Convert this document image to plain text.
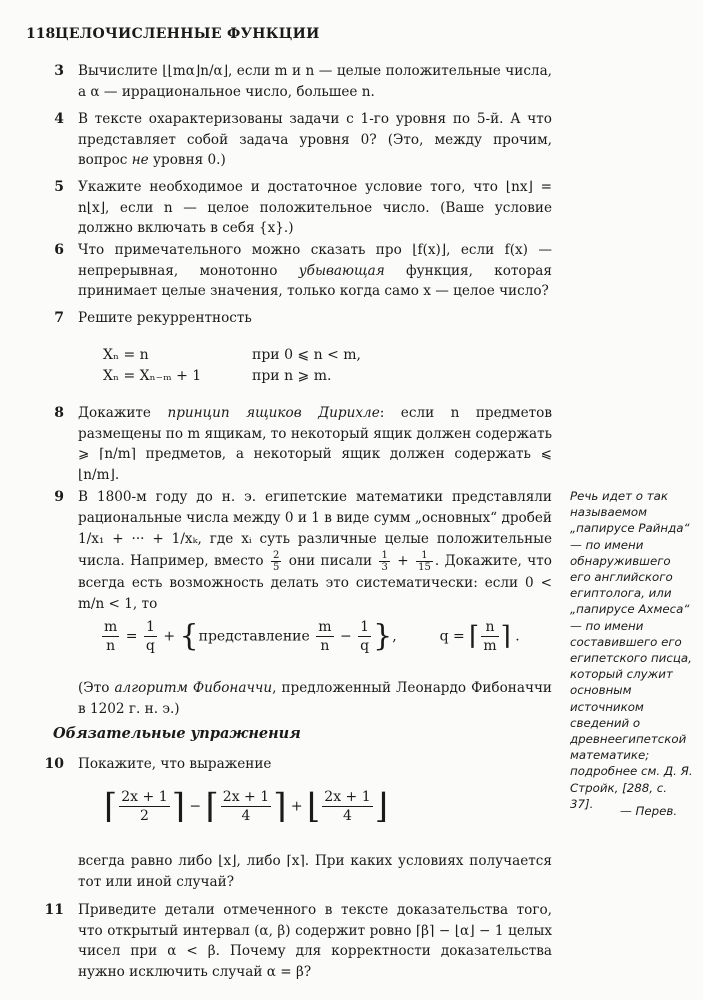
118 ЦЕЛОЧИСЛЕННЫЕ ФУНКЦИИ
3 Вычислите ⌊⌊mα⌋n/α⌋, если m и n — целые положительные числа, а α — иррациональное число, большее n.
4 В тексте охарактеризованы задачи с 1-го уровня по 5-й. А что представляет собой задача уровня 0? (Это, между прочим, вопрос не уровня 0.)
5 Укажите необходимое и достаточное условие того, что ⌊nx⌋ = n⌊x⌋, если n — целое положительное число. (Ваше условие должно включать в себя {x}.)
6 Что примечательного можно сказать про ⌊f(x)⌋, если f(x) — непрерывная, монотонно убывающая функция, которая принимает целые значения, только когда само x — целое число?
7 Решите рекуррентность
Xₙ = n	при 0 ⩽ n < m,
Xₙ = Xₙ₋ₘ + 1	при n ⩾ m.
8 Докажите принцип ящиков Дирихле: если n предметов размещены по m ящикам, то некоторый ящик должен содержать ⩾ ⌈n/m⌉ предметов, а некоторый ящик должен содержать ⩽ ⌊n/m⌋.
9 В 1800-м году до н. э. египетские математики представляли рациональные числа между 0 и 1 в виде сумм „основных“ дробей 1/x₁ + ··· + 1/xₖ, где xᵢ суть различные целые положительные числа. Например, вместо $\frac{2}{5}$ они писали $\frac{1}{3} + \frac{1}{15}$ . Докажите, что всегда есть возможность делать это систематически: если 0 < m/n < 1, то
$\frac{m}{n} = \frac{1}{q}$ + {представление $\frac{m}{n} - \frac{1}{q}$ },	q = ⌈ $\frac{n}{m}$ ⌉ .
(Это алгоритм Фибоначчи, предложенный Леонардо Фибоначчи в 1202 г. н. э.)
Обязательные упражнения
10 Покажите, что выражение
⌈ $\frac{2x + 1}{2}$ ⌉ − ⌈ $\frac{2x + 1}{4}$ ⌉ + ⌊ $\frac{2x + 1}{4}$ ⌋
всегда равно либо ⌊x⌋, либо ⌈x⌉. При каких условиях получается тот или иной случай?
11 Приведите детали отмеченного в тексте доказательства того, что открытый интервал (α, β) содержит ровно ⌈β⌉ − ⌊α⌋ − 1 целых чисел при α < β. Почему для корректности доказательства нужно исключить случай α = β?
Речь идет о так называемом „папирусе Райнда“ — по имени обнаружившего его английского египтолога, или „папирусе Ахмеса“ — по имени составившего его египетского писца, который служит основным источником сведений о древнеегипетской математике; подробнее см. Д. Я. Стройк, [288, с. 37].
— Перев.
